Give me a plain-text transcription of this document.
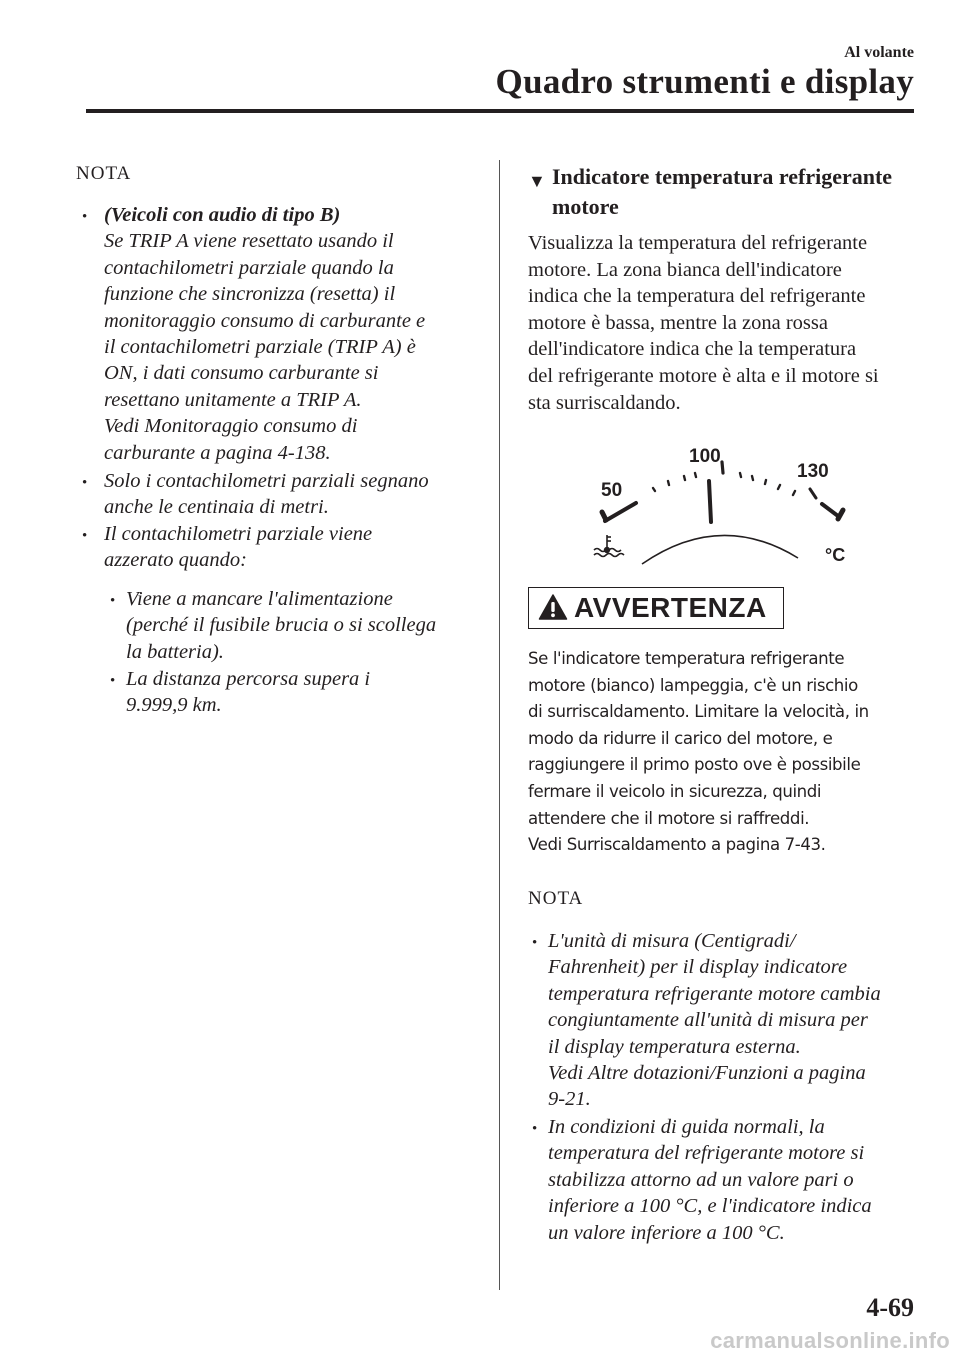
Al volante
Quadro strumenti e display
NOTA
• (Veicoli con audio di tipo B)
Se TRIP A viene resettato usando il
contachilometri parziale quando la
funzione che sincronizza (resetta) il
monitoraggio consumo di carburante e
il contachilometri parziale (TRIP A) è
ON, i dati consumo carburante si
resettano unitamente a TRIP A.
Vedi Monitoraggio consumo di
carburante a pagina 4-138.
• Solo i contachilometri parziali segnano
anche le centinaia di metri.
• Il contachilometri parziale viene
azzerato quando:
• Viene a mancare l'alimentazione
(perché il fusibile brucia o si scollega
la batteria).
• La distanza percorsa supera i
9.999,9 km.
▼ Indicatore temperatura refrigerante
motore
Visualizza la temperatura del refrigerante
motore. La zona bianca dell'indicatore
indica che la temperatura del refrigerante
motore è bassa, mentre la zona rossa
dell'indicatore indica che la temperatura
del refrigerante motore è alta e il motore si
sta surriscaldando.
50
100
130
°C
AVVERTENZA
Se l'indicatore temperatura refrigerante
motore (bianco) lampeggia, c'è un rischio
di surriscaldamento. Limitare la velocità, in
modo da ridurre il carico del motore, e
raggiungere il primo posto ove è possibile
fermare il veicolo in sicurezza, quindi
attendere che il motore si raffreddi.
Vedi Surriscaldamento a pagina 7-43.
NOTA
• L'unità di misura (Centigradi/
Fahrenheit) per il display indicatore
temperatura refrigerante motore cambia
congiuntamente all'unità di misura per
il display temperatura esterna.
Vedi Altre dotazioni/Funzioni a pagina
9-21.
• In condizioni di guida normali, la
temperatura del refrigerante motore si
stabilizza attorno ad un valore pari o
inferiore a 100 °C, e l'indicatore indica
un valore inferiore a 100 °C.
4-69
carmanualsonline.info
